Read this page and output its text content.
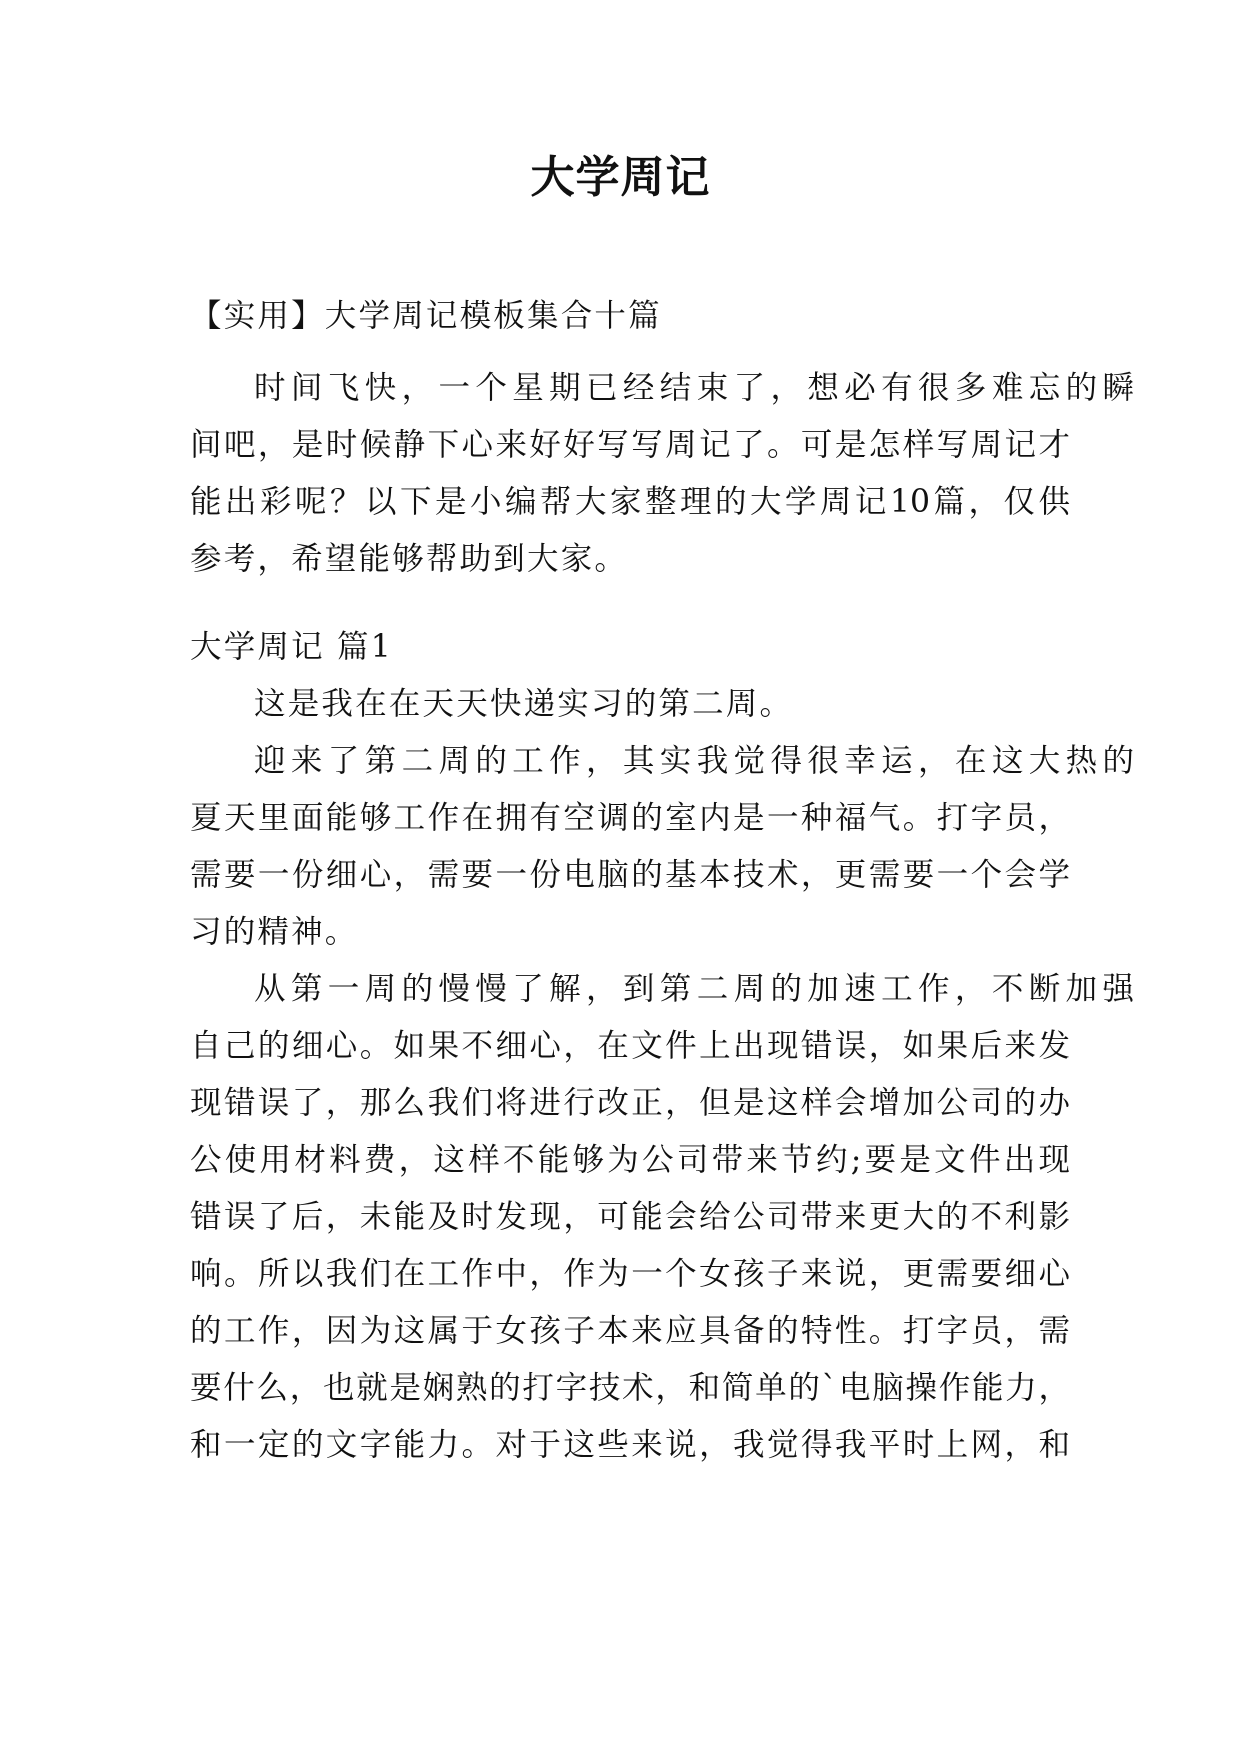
大学周记
【实用】大学周记模板集合十篇
时间飞快，一个星期已经结束了，想必有很多难忘的瞬
间吧，是时候静下心来好好写写周记了。可是怎样写周记才
能出彩呢？以下是小编帮大家整理的大学周记10篇，仅供
参考，希望能够帮助到大家。
大学周记 篇1
这是我在在天天快递实习的第二周。
迎来了第二周的工作，其实我觉得很幸运，在这大热的
夏天里面能够工作在拥有空调的室内是一种福气。打字员，
需要一份细心，需要一份电脑的基本技术，更需要一个会学
习的精神。
从第一周的慢慢了解，到第二周的加速工作，不断加强
自己的细心。如果不细心，在文件上出现错误，如果后来发
现错误了，那么我们将进行改正，但是这样会增加公司的办
公使用材料费，这样不能够为公司带来节约;要是文件出现
错误了后，未能及时发现，可能会给公司带来更大的不利影
响。所以我们在工作中，作为一个女孩子来说，更需要细心
的工作，因为这属于女孩子本来应具备的特性。打字员，需
要什么，也就是娴熟的打字技术，和简单的`电脑操作能力，
和一定的文字能力。对于这些来说，我觉得我平时上网，和
